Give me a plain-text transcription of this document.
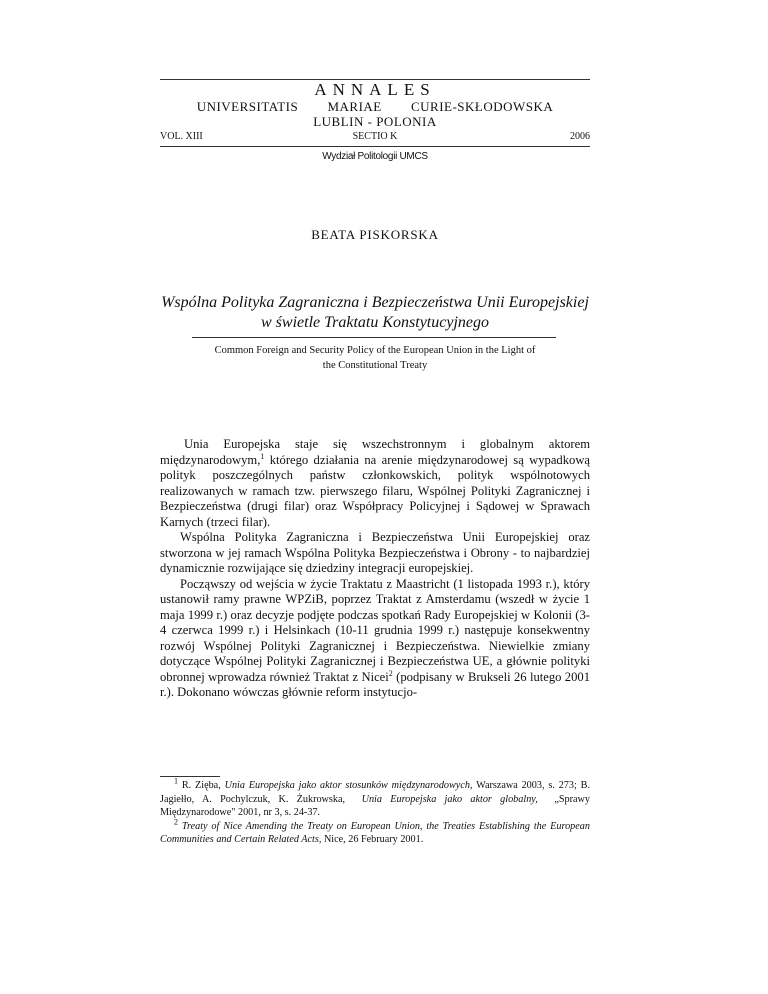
ANNALES
UNIVERSITATIS   MARIAE   CURIE-SKŁODOWSKA
LUBLIN - POLONIA
VOL. XIII	SECTIO K	2006
Wydział Politologii UMCS
BEATA PISKORSKA
Wspólna Polityka Zagraniczna i Bezpieczeństwa Unii Europejskiej
w świetle Traktatu Konstytucyjnego
Common Foreign and Security Policy of the European Union in the Light of
the Constitutional Treaty

Unia Europejska staje się wszechstronnym i globalnym aktorem międzynarodowym,$^1$ którego działania na arenie międzynarodowej są wypadkową polityk poszczególnych państw członkowskich, polityk wspólnotowych realizowanych w ramach tzw. pierwszego filaru, Wspólnej Polityki Zagranicznej i Bezpieczeństwa (drugi filar) oraz Współpracy Policyjnej i Sądowej w Sprawach Karnych (trzeci filar).

Wspólna Polityka Zagraniczna i Bezpieczeństwa Unii Europejskiej oraz stworzona w jej ramach Wspólna Polityka Bezpieczeństwa i Obrony - to najbardziej dynamicznie rozwijające się dziedziny integracji europejskiej.

Począwszy od wejścia w życie Traktatu z Maastricht (1 listopada 1993 r.), który ustanowił ramy prawne WPZiB, poprzez Traktat z Amsterdamu (wszedł w życie 1 maja 1999 r.) oraz decyzje podjęte podczas spotkań Rady Europejskiej w Kolonii (3-4 czerwca 1999 r.) i Helsinkach (10-11 grudnia 1999 r.) następuje konsekwentny rozwój Wspólnej Polityki Zagranicznej i Bezpieczeństwa. Niewielkie zmiany dotyczące Wspólnej Polityki Zagranicznej i Bezpieczeństwa UE, a głównie polityki obronnej wprowadza również Traktat z Nicei$^2$ (podpisany w Brukseli 26 lutego 2001 r.). Dokonano wówczas głównie reform instytucjo-

$^1$ R. Zięba, Unia Europejska jako aktor stosunków międzynarodowych, Warszawa 2003, s. 273; B. Jagiełło, A. Pochylczuk, K. Żukrowska,  Unia Europejska jako aktor globalny,  „Sprawy Międzynarodowe" 2001, nr 3, s. 24-37.

$^2$ Treaty of Nice Amending the Treaty on European Union, the Treaties Establishing the European Communities and Certain Related Acts, Nice, 26 February 2001.
